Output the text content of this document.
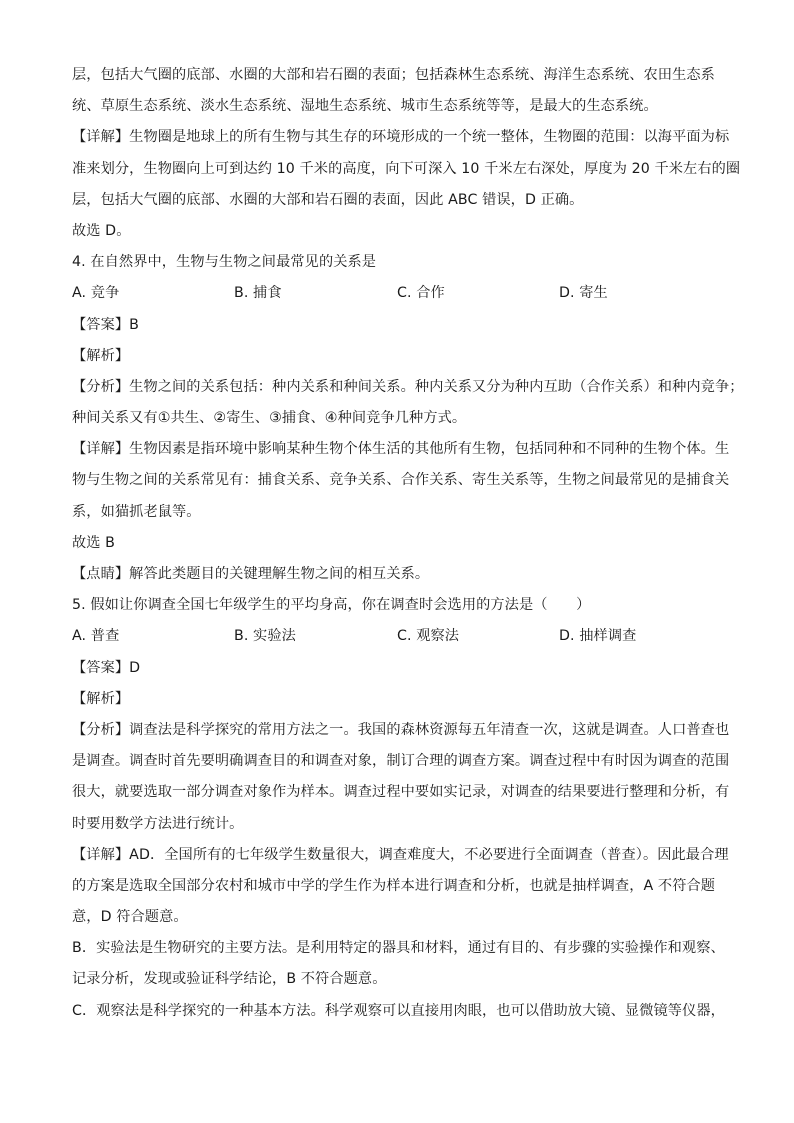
层，包括大气圈的底部、水圈的大部和岩石圈的表面；包括森林生态系统、海洋生态系统、农田生态系
统、草原生态系统、淡水生态系统、湿地生态系统、城市生态系统等等，是最大的生态系统。
【详解】生物圈是地球上的所有生物与其生存的环境形成的一个统一整体，生物圈的范围：以海平面为标
准来划分，生物圈向上可到达约 10 千米的高度，向下可深入 10 千米左右深处，厚度为 20 千米左右的圈
层，包括大气圈的底部、水圈的大部和岩石圈的表面，因此 ABC 错误，D 正确。
故选 D。
4. 在自然界中，生物与生物之间最常见的关系是
A. 竞争	B. 捕食	C. 合作	D. 寄生
【答案】B
【解析】
【分析】生物之间的关系包括：种内关系和种间关系。种内关系又分为种内互助（合作关系）和种内竞争；
种间关系又有①共生、②寄生、③捕食、④种间竞争几种方式。
【详解】生物因素是指环境中影响某种生物个体生活的其他所有生物，包括同种和不同种的生物个体。生
物与生物之间的关系常见有：捕食关系、竞争关系、合作关系、寄生关系等，生物之间最常见的是捕食关
系，如猫抓老鼠等。
故选 B
【点睛】解答此类题目的关键理解生物之间的相互关系。
5. 假如让你调查全国七年级学生的平均身高，你在调查时会选用的方法是（　　）
A. 普查	B. 实验法	C. 观察法	D. 抽样调查
【答案】D
【解析】
【分析】调查法是科学探究的常用方法之一。我国的森林资源每五年清查一次，这就是调查。人口普查也
是调查。调查时首先要明确调查目的和调查对象，制订合理的调查方案。调查过程中有时因为调查的范围
很大，就要选取一部分调查对象作为样本。调查过程中要如实记录，对调查的结果要进行整理和分析，有
时要用数学方法进行统计。
【详解】AD．全国所有的七年级学生数量很大，调查难度大，不必要进行全面调查（普查）。因此最合理
的方案是选取全国部分农村和城市中学的学生作为样本进行调查和分析，也就是抽样调查，A 不符合题
意，D 符合题意。
B．实验法是生物研究的主要方法。是利用特定的器具和材料，通过有目的、有步骤的实验操作和观察、
记录分析，发现或验证科学结论，B 不符合题意。
C．观察法是科学探究的一种基本方法。科学观察可以直接用肉眼，也可以借助放大镜、显微镜等仪器，
